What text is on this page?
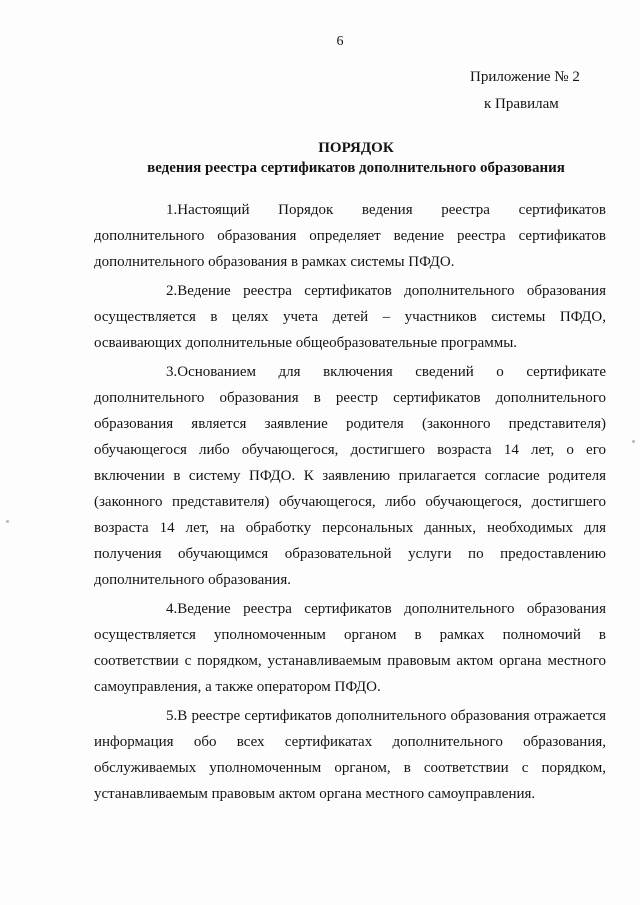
6
Приложение № 2
к Правилам
ПОРЯДОК
ведения реестра сертификатов дополнительного образования

1.Настоящий Порядок ведения реестра сертификатов дополнительного образования определяет ведение реестра сертификатов дополнительного образования в рамках системы ПФДО.

2.Ведение реестра сертификатов дополнительного образования осуществляется в целях учета детей – участников системы ПФДО, осваивающих дополнительные общеобразовательные программы.

3.Основанием для включения сведений о сертификате дополнительного образования в реестр сертификатов дополнительного образования является заявление родителя (законного представителя) обучающегося либо обучающегося, достигшего возраста 14 лет, о его включении в систему ПФДО. К заявлению прилагается согласие родителя (законного представителя) обучающегося, либо обучающегося, достигшего возраста 14 лет, на обработку персональных данных, необходимых для получения обучающимся образовательной услуги по предоставлению дополнительного образования.

4.Ведение реестра сертификатов дополнительного образования осуществляется уполномоченным органом в рамках полномочий в соответствии с порядком, устанавливаемым правовым актом органа местного самоуправления, а также оператором ПФДО.

5.В реестре сертификатов дополнительного образования отражается информация обо всех сертификатах дополнительного образования, обслуживаемых уполномоченным органом, в соответствии с порядком, устанавливаемым правовым актом органа местного самоуправления.
